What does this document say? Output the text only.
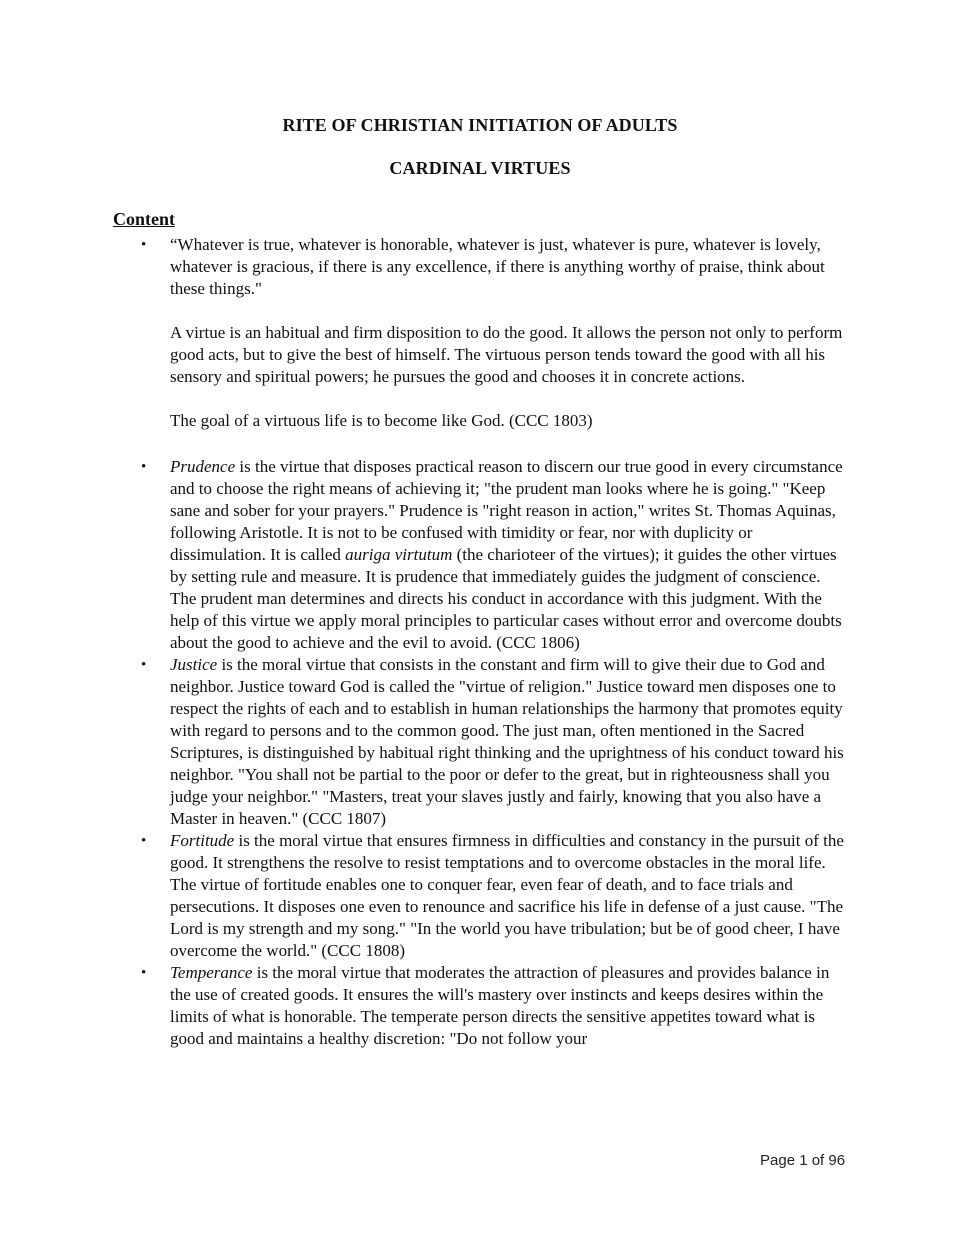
RITE OF CHRISTIAN INITIATION OF ADULTS
CARDINAL VIRTUES
Content
• “Whatever is true, whatever is honorable, whatever is just, whatever is pure, whatever is lovely, whatever is gracious, if there is any excellence, if there is anything worthy of praise, think about these things."

A virtue is an habitual and firm disposition to do the good. It allows the person not only to perform good acts, but to give the best of himself. The virtuous person tends toward the good with all his sensory and spiritual powers; he pursues the good and chooses it in concrete actions.

The goal of a virtuous life is to become like God. (CCC 1803)

• Prudence is the virtue that disposes practical reason to discern our true good in every circumstance and to choose the right means of achieving it; "the prudent man looks where he is going." "Keep sane and sober for your prayers." Prudence is "right reason in action," writes St. Thomas Aquinas, following Aristotle. It is not to be confused with timidity or fear, nor with duplicity or dissimulation. It is called auriga virtutum (the charioteer of the virtues); it guides the other virtues by setting rule and measure. It is prudence that immediately guides the judgment of conscience. The prudent man determines and directs his conduct in accordance with this judgment. With the help of this virtue we apply moral principles to particular cases without error and overcome doubts about the good to achieve and the evil to avoid. (CCC 1806)

• Justice is the moral virtue that consists in the constant and firm will to give their due to God and neighbor. Justice toward God is called the "virtue of religion." Justice toward men disposes one to respect the rights of each and to establish in human relationships the harmony that promotes equity with regard to persons and to the common good. The just man, often mentioned in the Sacred Scriptures, is distinguished by habitual right thinking and the uprightness of his conduct toward his neighbor. "You shall not be partial to the poor or defer to the great, but in righteousness shall you judge your neighbor." "Masters, treat your slaves justly and fairly, knowing that you also have a Master in heaven." (CCC 1807)

• Fortitude is the moral virtue that ensures firmness in difficulties and constancy in the pursuit of the good. It strengthens the resolve to resist temptations and to overcome obstacles in the moral life. The virtue of fortitude enables one to conquer fear, even fear of death, and to face trials and persecutions. It disposes one even to renounce and sacrifice his life in defense of a just cause. "The Lord is my strength and my song." "In the world you have tribulation; but be of good cheer, I have overcome the world." (CCC 1808)

• Temperance is the moral virtue that moderates the attraction of pleasures and provides balance in the use of created goods. It ensures the will's mastery over instincts and keeps desires within the limits of what is honorable. The temperate person directs the sensitive appetites toward what is good and maintains a healthy discretion: "Do not follow your

Page 1 of 96
